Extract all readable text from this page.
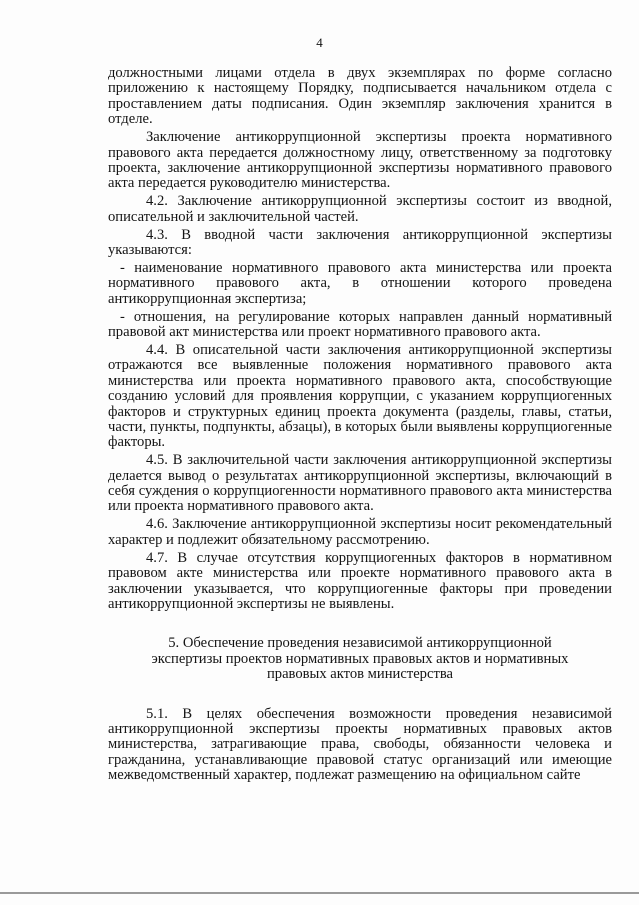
4

должностными лицами отдела в двух экземплярах по форме согласно приложению к настоящему Порядку, подписывается начальником отдела с проставлением даты подписания. Один экземпляр заключения хранится в отделе.

Заключение антикоррупционной экспертизы проекта нормативного правового акта передается должностному лицу, ответственному за подготовку проекта, заключение антикоррупционной экспертизы нормативного правового акта передается руководителю министерства.

4.2. Заключение антикоррупционной экспертизы состоит из вводной, описательной и заключительной частей.

4.3. В вводной части заключения антикоррупционной экспертизы указываются:

- наименование нормативного правового акта министерства или проекта нормативного правового акта, в отношении которого проведена антикоррупционная экспертиза;

- отношения, на регулирование которых направлен данный нормативный правовой акт министерства или проект нормативного правового акта.

4.4. В описательной части заключения антикоррупционной экспертизы отражаются все выявленные положения нормативного правового акта министерства или проекта нормативного правового акта, способствующие созданию условий для проявления коррупции, с указанием коррупциогенных факторов и структурных единиц проекта документа (разделы, главы, статьи, части, пункты, подпункты, абзацы), в которых были выявлены коррупциогенные факторы.

4.5. В заключительной части заключения антикоррупционной экспертизы делается вывод о результатах антикоррупционной экспертизы, включающий в себя суждения о коррупциогенности нормативного правового акта министерства или проекта нормативного правового акта.

4.6. Заключение антикоррупционной экспертизы носит рекомендательный характер и подлежит обязательному рассмотрению.

4.7. В случае отсутствия коррупциогенных факторов в нормативном правовом акте министерства или проекте нормативного правового акта в заключении указывается, что коррупциогенные факторы при проведении антикоррупционной экспертизы не выявлены.

5. Обеспечение проведения независимой антикоррупционной экспертизы проектов нормативных правовых актов и нормативных правовых актов министерства

5.1. В целях обеспечения возможности проведения независимой антикоррупционной экспертизы проекты нормативных правовых актов министерства, затрагивающие права, свободы, обязанности человека и гражданина, устанавливающие правовой статус организаций или имеющие межведомственный характер, подлежат размещению на официальном сайте
